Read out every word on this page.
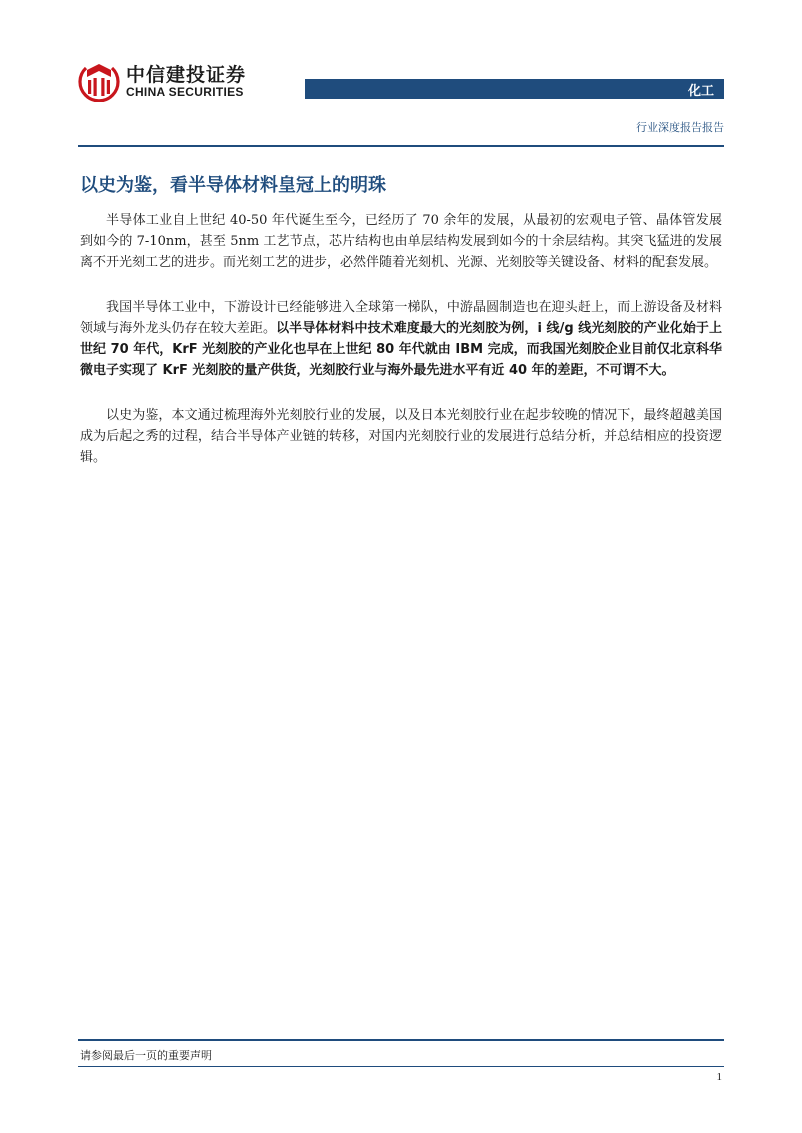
中信建投证券
CHINA SECURITIES	化工
行业深度报告报告
以史为鉴，看半导体材料皇冠上的明珠

半导体工业自上世纪 40-50 年代诞生至今，已经历了 70 余年的发展，从最初的宏观电子管、晶体管发展到如今的 7-10nm，甚至 5nm 工艺节点，芯片结构也由单层结构发展到如今的十余层结构。其突飞猛进的发展离不开光刻工艺的进步。而光刻工艺的进步，必然伴随着光刻机、光源、光刻胶等关键设备、材料的配套发展。

我国半导体工业中，下游设计已经能够进入全球第一梯队，中游晶圆制造也在迎头赶上，而上游设备及材料领域与海外龙头仍存在较大差距。以半导体材料中技术难度最大的光刻胶为例，i 线/g 线光刻胶的产业化始于上世纪 70 年代，KrF 光刻胶的产业化也早在上世纪 80 年代就由 IBM 完成，而我国光刻胶企业目前仅北京科华微电子实现了 KrF 光刻胶的量产供货，光刻胶行业与海外最先进水平有近 40 年的差距，不可谓不大。

以史为鉴，本文通过梳理海外光刻胶行业的发展，以及日本光刻胶行业在起步较晚的情况下，最终超越美国成为后起之秀的过程，结合半导体产业链的转移，对国内光刻胶行业的发展进行总结分析，并总结相应的投资逻辑。

请参阅最后一页的重要声明
1
